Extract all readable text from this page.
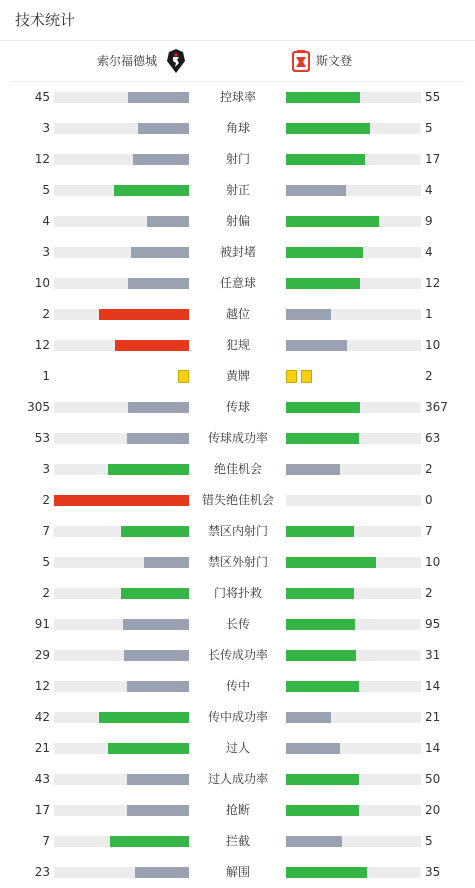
技术统计
索尔福德城	斯文登
45	控球率	55
3	角球	5
12	射门	17
5	射正	4
4	射偏	9
3	被封堵	4
10	任意球	12
2	越位	1
12	犯规	10
1	黄牌	2
305	传球	367
53	传球成功率	63
3	绝佳机会	2
2	错失绝佳机会	0
7	禁区内射门	7
5	禁区外射门	10
2	门将扑救	2
91	长传	95
29	长传成功率	31
12	传中	14
42	传中成功率	21
21	过人	14
43	过人成功率	50
17	抢断	20
7	拦截	5
23	解围	35
